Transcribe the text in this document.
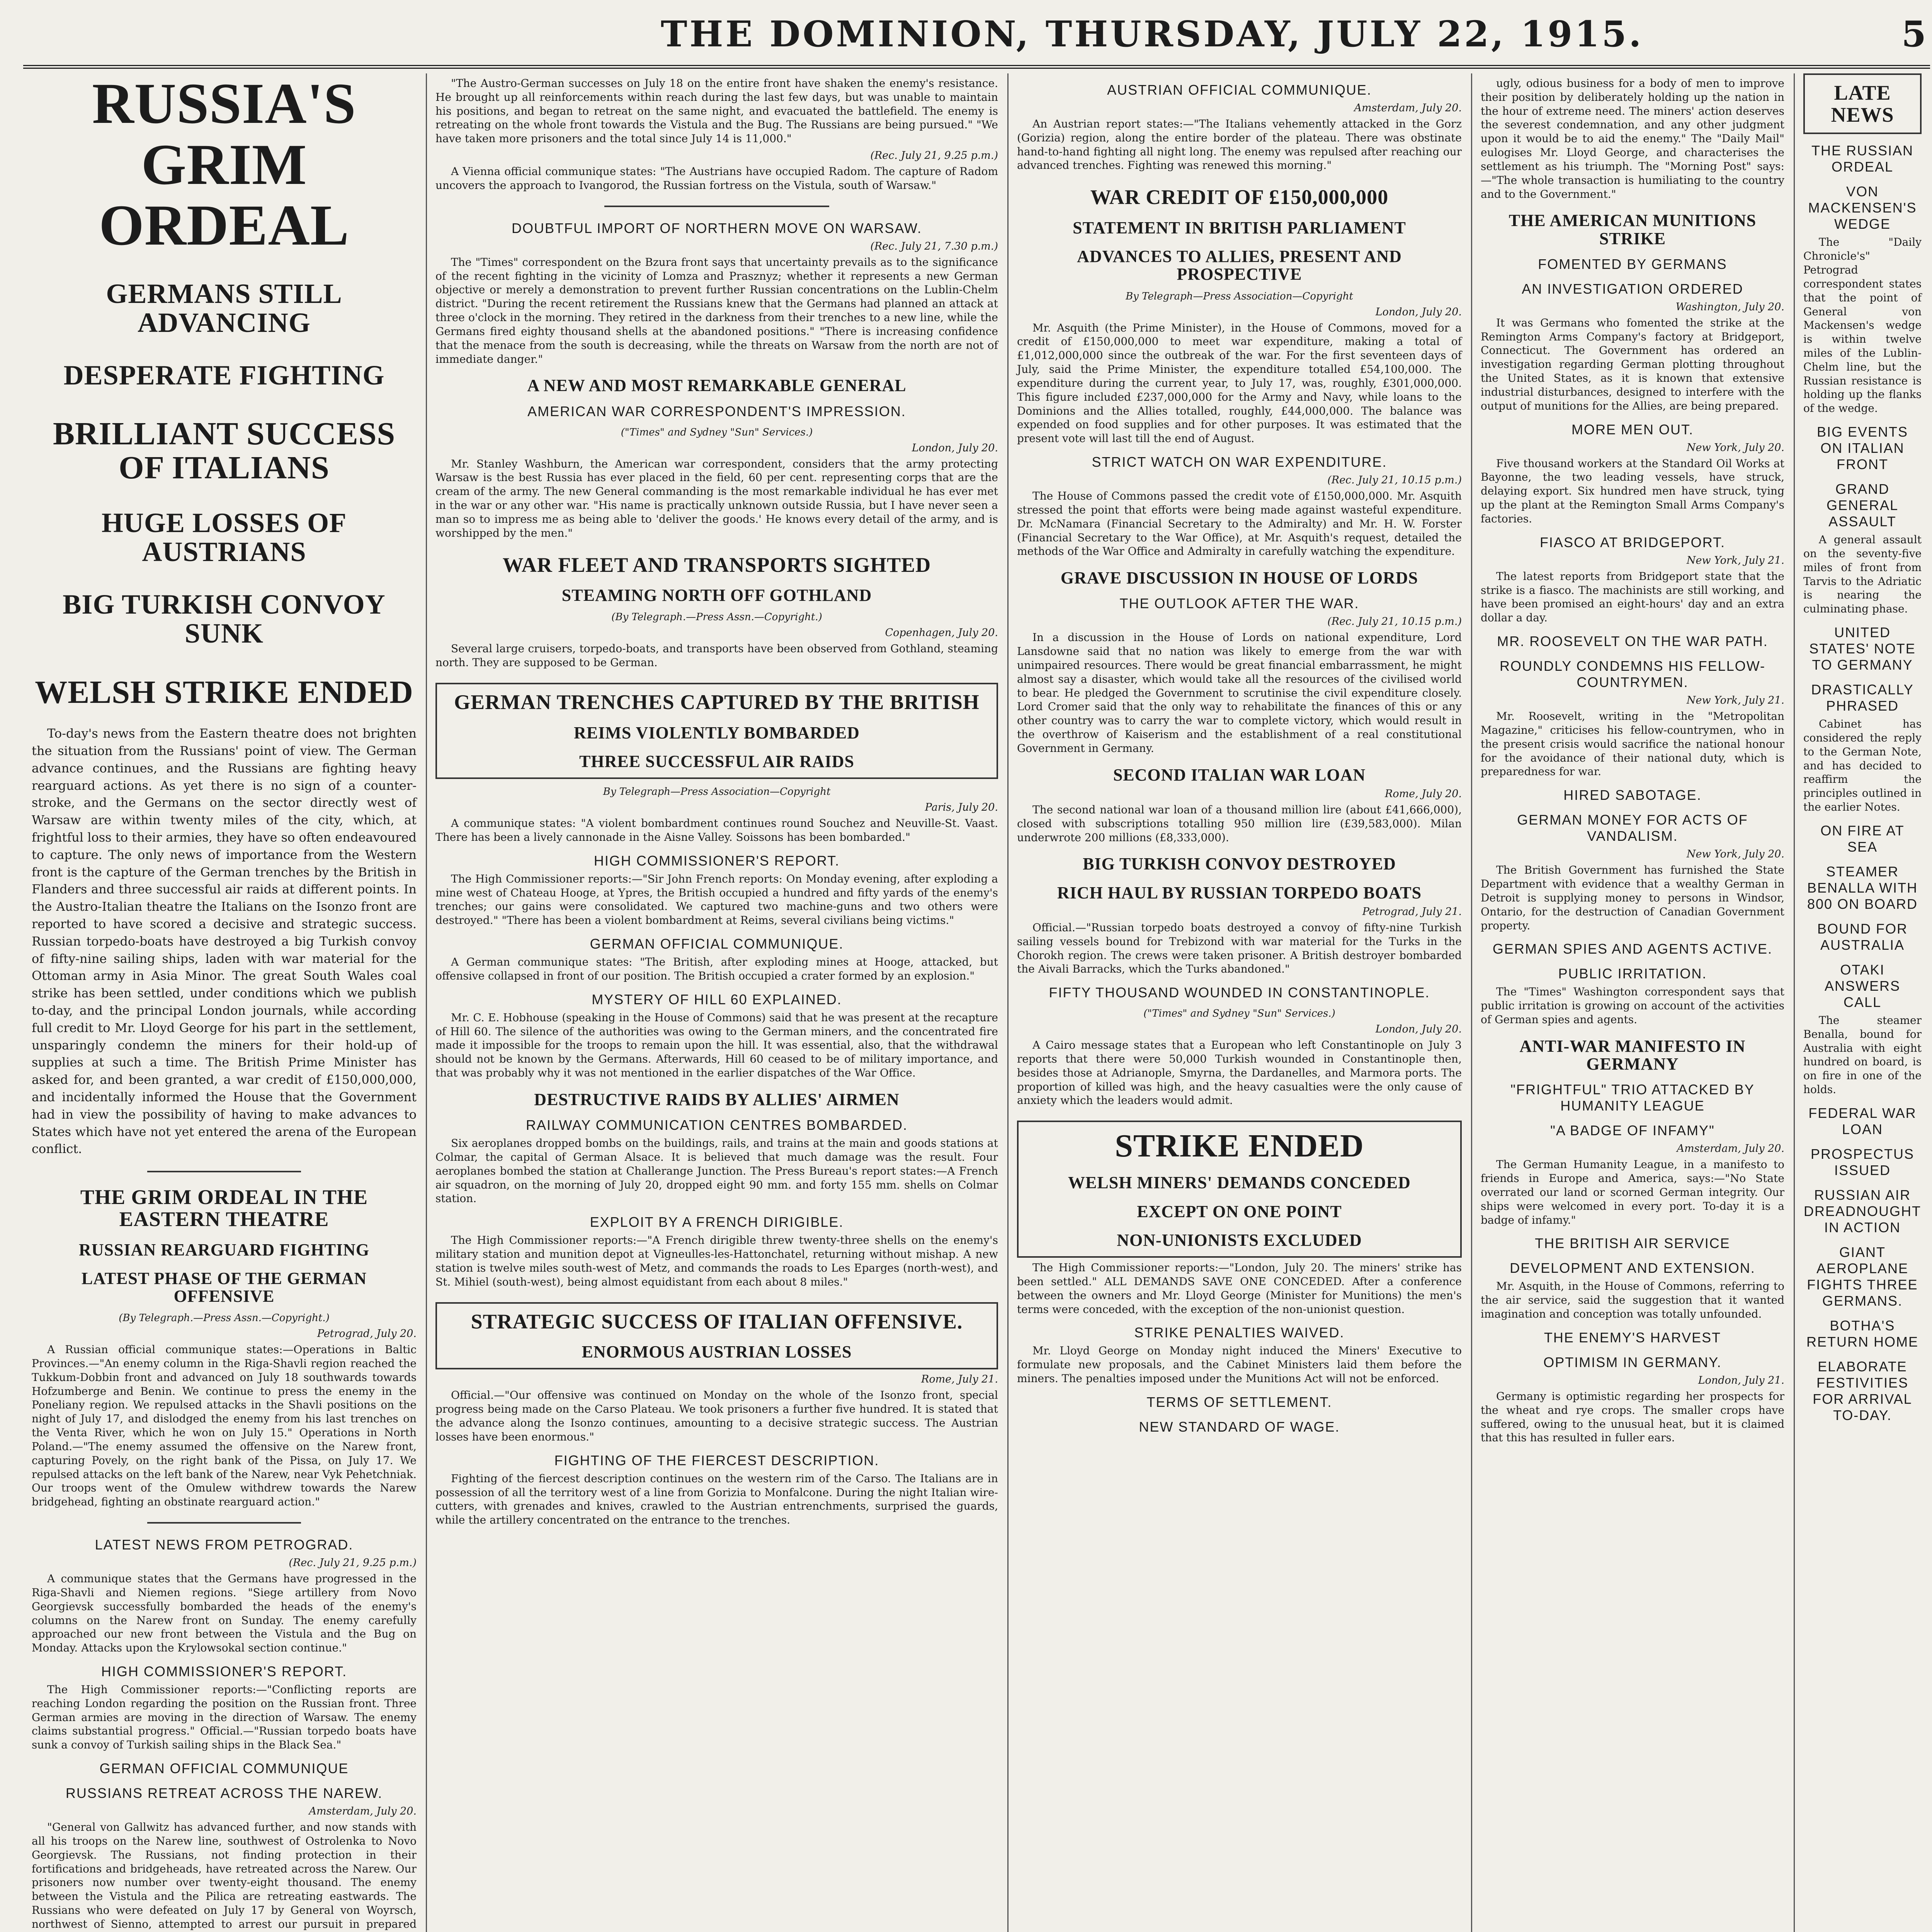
THE DOMINION, THURSDAY, JULY 22, 1915.	5
RUSSIA'S GRIM ORDEAL
GERMANS STILL ADVANCING
DESPERATE FIGHTING
BRILLIANT SUCCESS OF ITALIANS
HUGE LOSSES OF AUSTRIANS
BIG TURKISH CONVOY SUNK
WELSH STRIKE ENDED
To-day's news from the Eastern theatre does not brighten the situation from the Russians' point of view. The German advance continues, and the Russians are fighting heavy rearguard actions. As yet there is no sign of a counter-stroke, and the Germans on the sector directly west of Warsaw are within twenty miles of the city, which, at frightful loss to their armies, they have so often endeavoured to capture. The only news of importance from the Western front is the capture of the German trenches by the British in Flanders and three successful air raids at different points. In the Austro-Italian theatre the Italians on the Isonzo front are reported to have scored a decisive and strategic success. Russian torpedo-boats have destroyed a big Turkish convoy of fifty-nine sailing ships, laden with war material for the Ottoman army in Asia Minor. The great South Wales coal strike has been settled, under conditions which we publish to-day, and the principal London journals, while according full credit to Mr. Lloyd George for his part in the settlement, unsparingly condemn the miners for their hold-up of supplies at such a time. The British Prime Minister has asked for, and been granted, a war credit of £150,000,000, and incidentally informed the House that the Government had in view the possibility of having to make advances to States which have not yet entered the arena of the European conflict.
THE GRIM ORDEAL IN THE EASTERN THEATRE
RUSSIAN REARGUARD FIGHTING
LATEST PHASE OF THE GERMAN OFFENSIVE
(By Telegraph.—Press Assn.—Copyright.)
Petrograd, July 20.
A Russian official communique states:—Operations in Baltic Provinces.—"An enemy column in the Riga-Shavli region reached the Tukkum-Dobbin front and advanced on July 18 southwards towards Hofzumberge and Benin. We continue to press the enemy in the Poneliany region. We repulsed attacks in the Shavli positions on the night of July 17, and dislodged the enemy from his last trenches on the Venta River, which he won on July 15." Operations in North Poland.—"The enemy assumed the offensive on the Narew front, capturing Povely, on the right bank of the Pissa, on July 17. We repulsed attacks on the left bank of the Narew, near Vyk Pehetchniak. Our troops went of the Omulew withdrew towards the Narew bridgehead, fighting an obstinate rearguard action."
LATEST NEWS FROM PETROGRAD.
(Rec. July 21, 9.25 p.m.)
A communique states that the Germans have progressed in the Riga-Shavli and Niemen regions. "Siege artillery from Novo Georgievsk successfully bombarded the heads of the enemy's columns on the Narew front on Sunday. The enemy carefully approached our new front between the Vistula and the Bug on Monday. Attacks upon the Krylowsokal section continue."
HIGH COMMISSIONER'S REPORT.
The High Commissioner reports:—"Conflicting reports are reaching London regarding the position on the Russian front. Three German armies are moving in the direction of Warsaw. The enemy claims substantial progress." Official.—"Russian torpedo boats have sunk a convoy of Turkish sailing ships in the Black Sea."
GERMAN OFFICIAL COMMUNIQUE
RUSSIANS RETREAT ACROSS THE NAREW.
Amsterdam, July 20.
"General von Gallwitz has advanced further, and now stands with all his troops on the Narew line, southwest of Ostrolenka to Novo Georgievsk. The Russians, not finding protection in their fortifications and bridgeheads, have retreated across the Narew. Our prisoners now number over twenty-eight thousand. The enemy between the Vistula and the Pilica are retreating eastwards. The Russians who were defeated on July 17 by General von Woyrsch, northwest of Sienno, attempted to arrest our pursuit in prepared
"The Austro-German successes on July 18 on the entire front have shaken the enemy's resistance. He brought up all reinforcements within reach during the last few days, but was unable to maintain his positions, and began to retreat on the same night, and evacuated the battlefield. The enemy is retreating on the whole front towards the Vistula and the Bug. The Russians are being pursued." "We have taken more prisoners and the total since July 14 is 11,000."
(Rec. July 21, 9.25 p.m.)
A Vienna official communique states: "The Austrians have occupied Radom. The capture of Radom uncovers the approach to Ivangorod, the Russian fortress on the Vistula, south of Warsaw."
DOUBTFUL IMPORT OF NORTHERN MOVE ON WARSAW.
(Rec. July 21, 7.30 p.m.)
The "Times" correspondent on the Bzura front says that uncertainty prevails as to the significance of the recent fighting in the vicinity of Lomza and Prasznyz; whether it represents a new German objective or merely a demonstration to prevent further Russian concentrations on the Lublin-Chelm district. "During the recent retirement the Russians knew that the Germans had planned an attack at three o'clock in the morning. They retired in the darkness from their trenches to a new line, while the Germans fired eighty thousand shells at the abandoned positions." "There is increasing confidence that the menace from the south is decreasing, while the threats on Warsaw from the north are not of immediate danger."
A NEW AND MOST REMARKABLE GENERAL
AMERICAN WAR CORRESPONDENT'S IMPRESSION.
("Times" and Sydney "Sun" Services.)
London, July 20.
Mr. Stanley Washburn, the American war correspondent, considers that the army protecting Warsaw is the best Russia has ever placed in the field, 60 per cent. representing corps that are the cream of the army. The new General commanding is the most remarkable individual he has ever met in the war or any other war. "His name is practically unknown outside Russia, but I have never seen a man so to impress me as being able to 'deliver the goods.' He knows every detail of the army, and is worshipped by the men."
WAR FLEET AND TRANSPORTS SIGHTED
STEAMING NORTH OFF GOTHLAND
(By Telegraph.—Press Assn.—Copyright.)
Copenhagen, July 20.
Several large cruisers, torpedo-boats, and transports have been observed from Gothland, steaming north. They are supposed to be German.
GERMAN TRENCHES CAPTURED BY THE BRITISH
REIMS VIOLENTLY BOMBARDED
THREE SUCCESSFUL AIR RAIDS
By Telegraph—Press Association—Copyright
Paris, July 20.
A communique states: "A violent bombardment continues round Souchez and Neuville-St. Vaast. There has been a lively cannonade in the Aisne Valley. Soissons has been bombarded."
HIGH COMMISSIONER'S REPORT.
The High Commissioner reports:—"Sir John French reports: On Monday evening, after exploding a mine west of Chateau Hooge, at Ypres, the British occupied a hundred and fifty yards of the enemy's trenches; our gains were consolidated. We captured two machine-guns and two others were destroyed." "There has been a violent bombardment at Reims, several civilians being victims."
GERMAN OFFICIAL COMMUNIQUE.
A German communique states: "The British, after exploding mines at Hooge, attacked, but offensive collapsed in front of our position. The British occupied a crater formed by an explosion."
MYSTERY OF HILL 60 EXPLAINED.
Mr. C. E. Hobhouse (speaking in the House of Commons) said that he was present at the recapture of Hill 60. The silence of the authorities was owing to the German miners, and the concentrated fire made it impossible for the troops to remain upon the hill. It was essential, also, that the withdrawal should not be known by the Germans. Afterwards, Hill 60 ceased to be of military importance, and that was probably why it was not mentioned in the earlier dispatches of the War Office.
DESTRUCTIVE RAIDS BY ALLIES' AIRMEN
RAILWAY COMMUNICATION CENTRES BOMBARDED.
Six aeroplanes dropped bombs on the buildings, rails, and trains at the main and goods stations at Colmar, the capital of German Alsace. It is believed that much damage was the result. Four aeroplanes bombed the station at Challerange Junction. The Press Bureau's report states:—A French air squadron, on the morning of July 20, dropped eight 90 mm. and forty 155 mm. shells on Colmar station.
EXPLOIT BY A FRENCH DIRIGIBLE.
The High Commissioner reports:—"A French dirigible threw twenty-three shells on the enemy's military station and munition depot at Vigneulles-les-Hattonchatel, returning without mishap. A new station is twelve miles south-west of Metz, and commands the roads to Les Eparges (north-west), and St. Mihiel (south-west), being almost equidistant from each about 8 miles."
STRATEGIC SUCCESS OF ITALIAN OFFENSIVE.
ENORMOUS AUSTRIAN LOSSES
Rome, July 21.
Official.—"Our offensive was continued on Monday on the whole of the Isonzo front, special progress being made on the Carso Plateau. We took prisoners a further five hundred. It is stated that the advance along the Isonzo continues, amounting to a decisive strategic success. The Austrian losses have been enormous."
FIGHTING OF THE FIERCEST DESCRIPTION.
Fighting of the fiercest description continues on the western rim of the Carso. The Italians are in possession of all the territory west of a line from Gorizia to Monfalcone. During the night Italian wire-cutters, with grenades and knives, crawled to the Austrian entrenchments, surprised the guards, while the artillery concentrated on the entrance to the trenches.
AUSTRIAN OFFICIAL COMMUNIQUE.
Amsterdam, July 20.
An Austrian report states:—"The Italians vehemently attacked in the Gorz (Gorizia) region, along the entire border of the plateau. There was obstinate hand-to-hand fighting all night long. The enemy was repulsed after reaching our advanced trenches. Fighting was renewed this morning."
WAR CREDIT OF £150,000,000
STATEMENT IN BRITISH PARLIAMENT
ADVANCES TO ALLIES, PRESENT AND PROSPECTIVE
By Telegraph—Press Association—Copyright
London, July 20.
Mr. Asquith (the Prime Minister), in the House of Commons, moved for a credit of £150,000,000 to meet war expenditure, making a total of £1,012,000,000 since the outbreak of the war. For the first seventeen days of July, said the Prime Minister, the expenditure totalled £54,100,000. The expenditure during the current year, to July 17, was, roughly, £301,000,000. This figure included £237,000,000 for the Army and Navy, while loans to the Dominions and the Allies totalled, roughly, £44,000,000. The balance was expended on food supplies and for other purposes. It was estimated that the present vote will last till the end of August.
STRICT WATCH ON WAR EXPENDITURE.
(Rec. July 21, 10.15 p.m.)
The House of Commons passed the credit vote of £150,000,000. Mr. Asquith stressed the point that efforts were being made against wasteful expenditure. Dr. McNamara (Financial Secretary to the Admiralty) and Mr. H. W. Forster (Financial Secretary to the War Office), at Mr. Asquith's request, detailed the methods of the War Office and Admiralty in carefully watching the expenditure.
GRAVE DISCUSSION IN HOUSE OF LORDS
THE OUTLOOK AFTER THE WAR.
(Rec. July 21, 10.15 p.m.)
In a discussion in the House of Lords on national expenditure, Lord Lansdowne said that no nation was likely to emerge from the war with unimpaired resources. There would be great financial embarrassment, he might almost say a disaster, which would take all the resources of the civilised world to bear. He pledged the Government to scrutinise the civil expenditure closely. Lord Cromer said that the only way to rehabilitate the finances of this or any other country was to carry the war to complete victory, which would result in the overthrow of Kaiserism and the establishment of a real constitutional Government in Germany.
SECOND ITALIAN WAR LOAN
Rome, July 20.
The second national war loan of a thousand million lire (about £41,666,000), closed with subscriptions totalling 950 million lire (£39,583,000). Milan underwrote 200 millions (£8,333,000).
BIG TURKISH CONVOY DESTROYED
RICH HAUL BY RUSSIAN TORPEDO BOATS
Petrograd, July 21.
Official.—"Russian torpedo boats destroyed a convoy of fifty-nine Turkish sailing vessels bound for Trebizond with war material for the Turks in the Chorokh region. The crews were taken prisoner. A British destroyer bombarded the Aivali Barracks, which the Turks abandoned."
FIFTY THOUSAND WOUNDED IN CONSTANTINOPLE.
("Times" and Sydney "Sun" Services.)
London, July 20.
A Cairo message states that a European who left Constantinople on July 3 reports that there were 50,000 Turkish wounded in Constantinople then, besides those at Adrianople, Smyrna, the Dardanelles, and Marmora ports. The proportion of killed was high, and the heavy casualties were the only cause of anxiety which the leaders would admit.
STRIKE ENDED
WELSH MINERS' DEMANDS CONCEDED
EXCEPT ON ONE POINT
NON-UNIONISTS EXCLUDED
The High Commissioner reports:—"London, July 20. The miners' strike has been settled." ALL DEMANDS SAVE ONE CONCEDED. After a conference between the owners and Mr. Lloyd George (Minister for Munitions) the men's terms were conceded, with the exception of the non-unionist question.
STRIKE PENALTIES WAIVED.
Mr. Lloyd George on Monday night induced the Miners' Executive to formulate new proposals, and the Cabinet Ministers laid them before the miners. The penalties imposed under the Munitions Act will not be enforced.
TERMS OF SETTLEMENT.
NEW STANDARD OF WAGE.
ugly, odious business for a body of men to improve their position by deliberately holding up the nation in the hour of extreme need. The miners' action deserves the severest condemnation, and any other judgment upon it would be to aid the enemy." The "Daily Mail" eulogises Mr. Lloyd George, and characterises the settlement as his triumph. The "Morning Post" says:—"The whole transaction is humiliating to the country and to the Government."
THE AMERICAN MUNITIONS STRIKE
FOMENTED BY GERMANS
AN INVESTIGATION ORDERED
Washington, July 20.
It was Germans who fomented the strike at the Remington Arms Company's factory at Bridgeport, Connecticut. The Government has ordered an investigation regarding German plotting throughout the United States, as it is known that extensive industrial disturbances, designed to interfere with the output of munitions for the Allies, are being prepared.
MORE MEN OUT.
New York, July 20.
Five thousand workers at the Standard Oil Works at Bayonne, the two leading vessels, have struck, delaying export. Six hundred men have struck, tying up the plant at the Remington Small Arms Company's factories.
FIASCO AT BRIDGEPORT.
New York, July 21.
The latest reports from Bridgeport state that the strike is a fiasco. The machinists are still working, and have been promised an eight-hours' day and an extra dollar a day.
MR. ROOSEVELT ON THE WAR PATH.
ROUNDLY CONDEMNS HIS FELLOW-COUNTRYMEN.
New York, July 21.
Mr. Roosevelt, writing in the "Metropolitan Magazine," criticises his fellow-countrymen, who in the present crisis would sacrifice the national honour for the avoidance of their national duty, which is preparedness for war.
HIRED SABOTAGE.
GERMAN MONEY FOR ACTS OF VANDALISM.
New York, July 20.
The British Government has furnished the State Department with evidence that a wealthy German in Detroit is supplying money to persons in Windsor, Ontario, for the destruction of Canadian Government property.
GERMAN SPIES AND AGENTS ACTIVE.
PUBLIC IRRITATION.
The "Times" Washington correspondent says that public irritation is growing on account of the activities of German spies and agents.
ANTI-WAR MANIFESTO IN GERMANY
"FRIGHTFUL" TRIO ATTACKED BY HUMANITY LEAGUE
"A BADGE OF INFAMY"
Amsterdam, July 20.
The German Humanity League, in a manifesto to friends in Europe and America, says:—"No State overrated our land or scorned German integrity. Our ships were welcomed in every port. To-day it is a badge of infamy."
THE BRITISH AIR SERVICE
DEVELOPMENT AND EXTENSION.
Mr. Asquith, in the House of Commons, referring to the air service, said the suggestion that it wanted imagination and conception was totally unfounded.
THE ENEMY'S HARVEST
OPTIMISM IN GERMANY.
London, July 21.
Germany is optimistic regarding her prospects for the wheat and rye crops. The smaller crops have suffered, owing to the unusual heat, but it is claimed that this has resulted in fuller ears.
LATE NEWS
THE RUSSIAN ORDEAL
VON MACKENSEN'S WEDGE
The "Daily Chronicle's" Petrograd correspondent states that the point of General von Mackensen's wedge is within twelve miles of the Lublin-Chelm line, but the Russian resistance is holding up the flanks of the wedge.
BIG EVENTS ON ITALIAN FRONT
GRAND GENERAL ASSAULT
A general assault on the seventy-five miles of front from Tarvis to the Adriatic is nearing the culminating phase.
UNITED STATES' NOTE TO GERMANY
DRASTICALLY PHRASED
Cabinet has considered the reply to the German Note, and has decided to reaffirm the principles outlined in the earlier Notes.
ON FIRE AT SEA
STEAMER BENALLA WITH 800 ON BOARD
BOUND FOR AUSTRALIA
OTAKI ANSWERS CALL
The steamer Benalla, bound for Australia with eight hundred on board, is on fire in one of the holds.
FEDERAL WAR LOAN
PROSPECTUS ISSUED
RUSSIAN AIR DREADNOUGHT IN ACTION
GIANT AEROPLANE FIGHTS THREE GERMANS.
BOTHA'S RETURN HOME
ELABORATE FESTIVITIES FOR ARRIVAL TO-DAY.
